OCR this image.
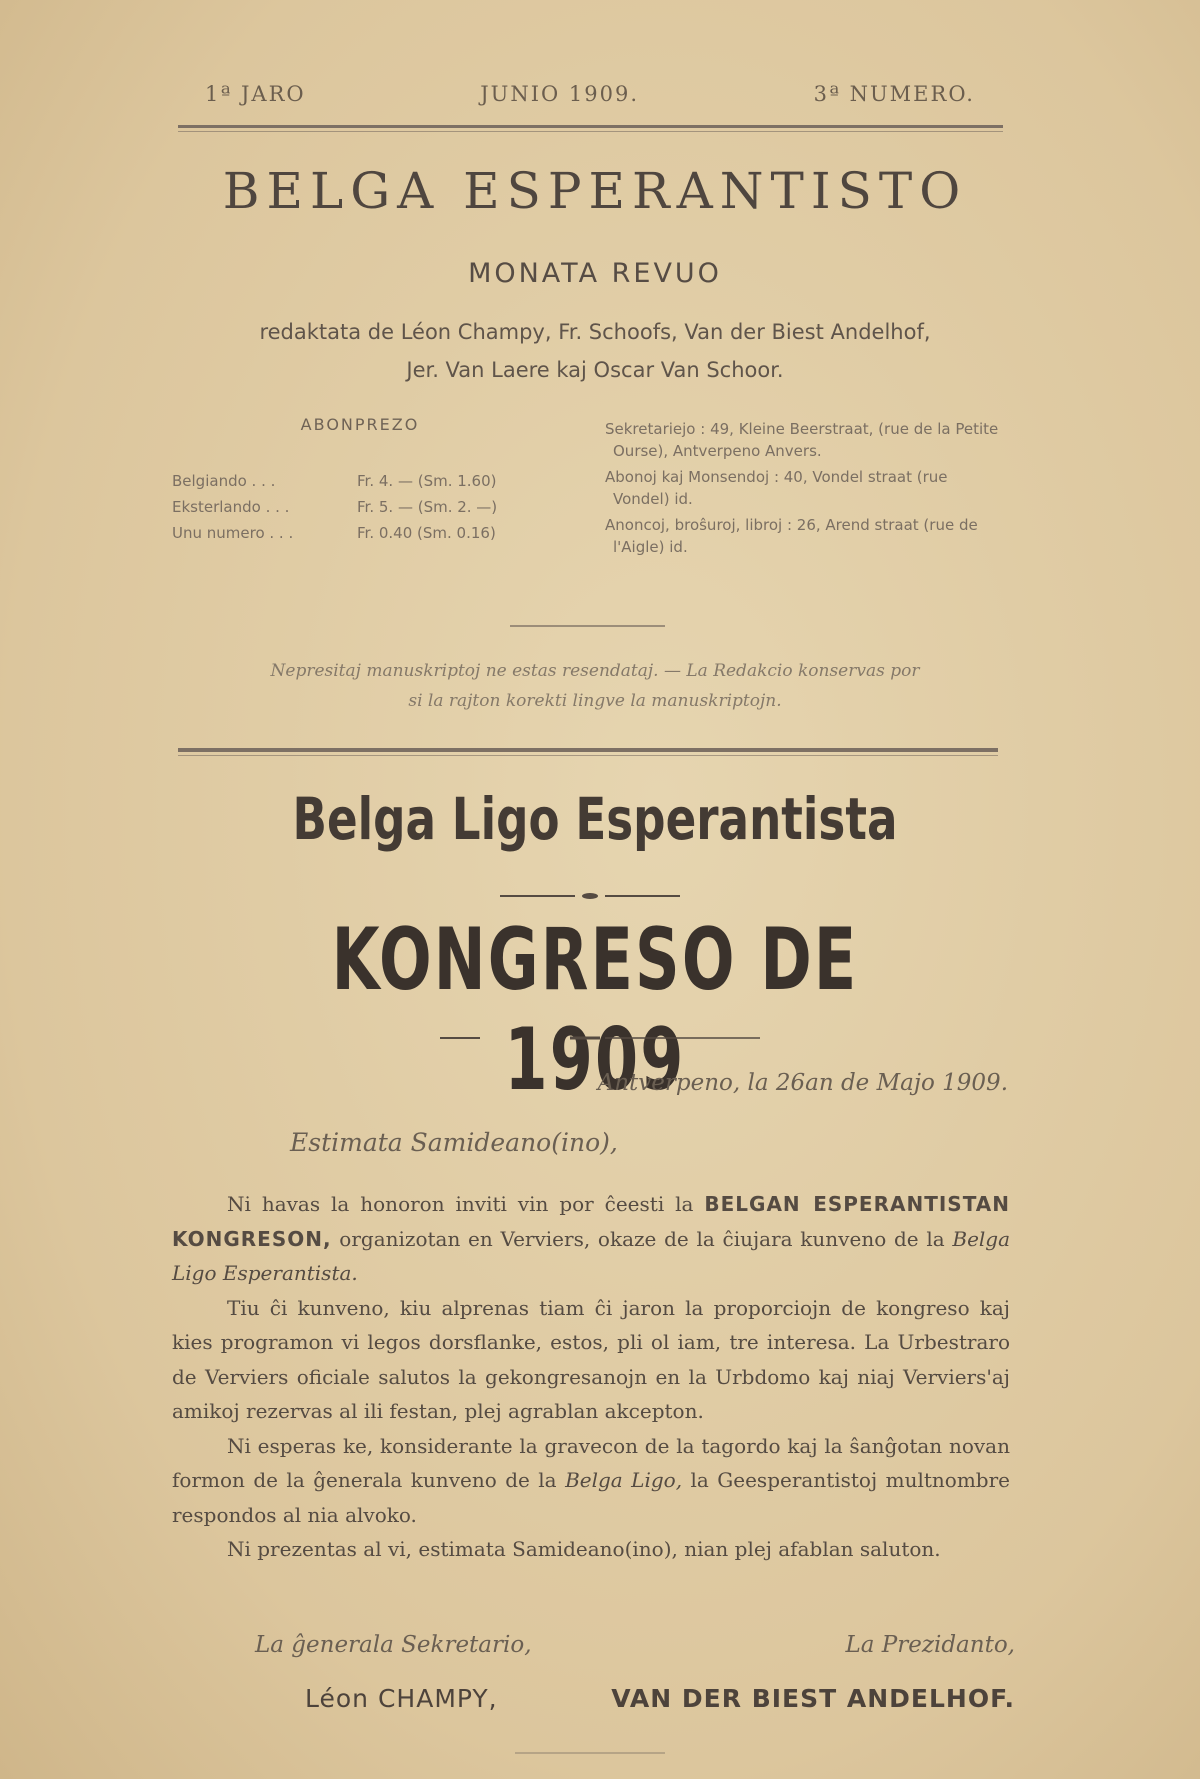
1ª JARO	JUNIO 1909.	3ª NUMERO.
BELGA ESPERANTISTO
MONATA REVUO
redaktata de Léon Champy, Fr. Schoofs, Van der Biest Andelhof,
Jer. Van Laere kaj Oscar Van Schoor.
ABONPREZO
Belgiando . . .	Fr. 4. — (Sm. 1.60)
Eksterlando . . .	Fr. 5. — (Sm. 2. —)
Unu numero . . .	Fr. 0.40 (Sm. 0.16)
Sekretariejo : 49, Kleine Beerstraat, (rue de la Petite Ourse), Antverpeno Anvers.
Abonoj kaj Monsendoj : 40, Vondel straat (rue Vondel) id.
Anoncoj, broŝuroj, libroj : 26, Arend straat (rue de l'Aigle) id.
Nepresitaj manuskriptoj ne estas resendataj. — La Redakcio konservas por
si la rajton korekti lingve la manuskriptojn.
Belga Ligo Esperantista
KONGRESO DE 1909
Antverpeno, la 26an de Majo 1909.
Estimata Samideano(ino),

Ni havas la honoron inviti vin por ĉeesti la BELGAN ESPERANTISTAN KONGRESON, organizotan en Verviers, okaze de la ĉiujara kunveno de la Belga Ligo Esperantista.

Tiu ĉi kunveno, kiu alprenas tiam ĉi jaron la proporciojn de kongreso kaj kies programon vi legos dorsflanke, estos, pli ol iam, tre interesa. La Urbestraro de Verviers oficiale salutos la gekongresanojn en la Urbdomo kaj niaj Verviers'aj amikoj rezervas al ili festan, plej agrablan akcepton.

Ni esperas ke, konsiderante la gravecon de la tagordo kaj la ŝanĝotan novan formon de la ĝenerala kunveno de la Belga Ligo, la Geesperantistoj multnombre respondos al nia alvoko.

Ni prezentas al vi, estimata Samideano(ino), nian plej afablan saluton.

La ĝenerala Sekretario,	La Prezidanto,
Léon CHAMPY,	VAN DER BIEST ANDELHOF.
